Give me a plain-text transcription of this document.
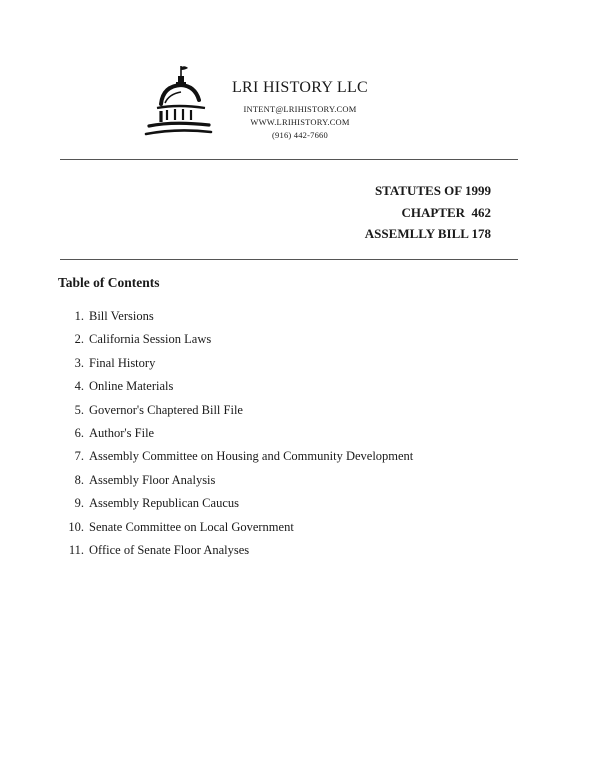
LRI HISTORY LLC
INTENT@LRIHISTORY.COM
WWW.LRIHISTORY.COM
(916) 442-7660
STATUTES OF 1999
CHAPTER  462
ASSEMLLY BILL 178
Table of Contents
1. Bill Versions
2. California Session Laws
3. Final History
4. Online Materials
5. Governor's Chaptered Bill File
6. Author's File
7. Assembly Committee on Housing and Community Development
8. Assembly Floor Analysis
9. Assembly Republican Caucus
10. Senate Committee on Local Government
11. Office of Senate Floor Analyses
